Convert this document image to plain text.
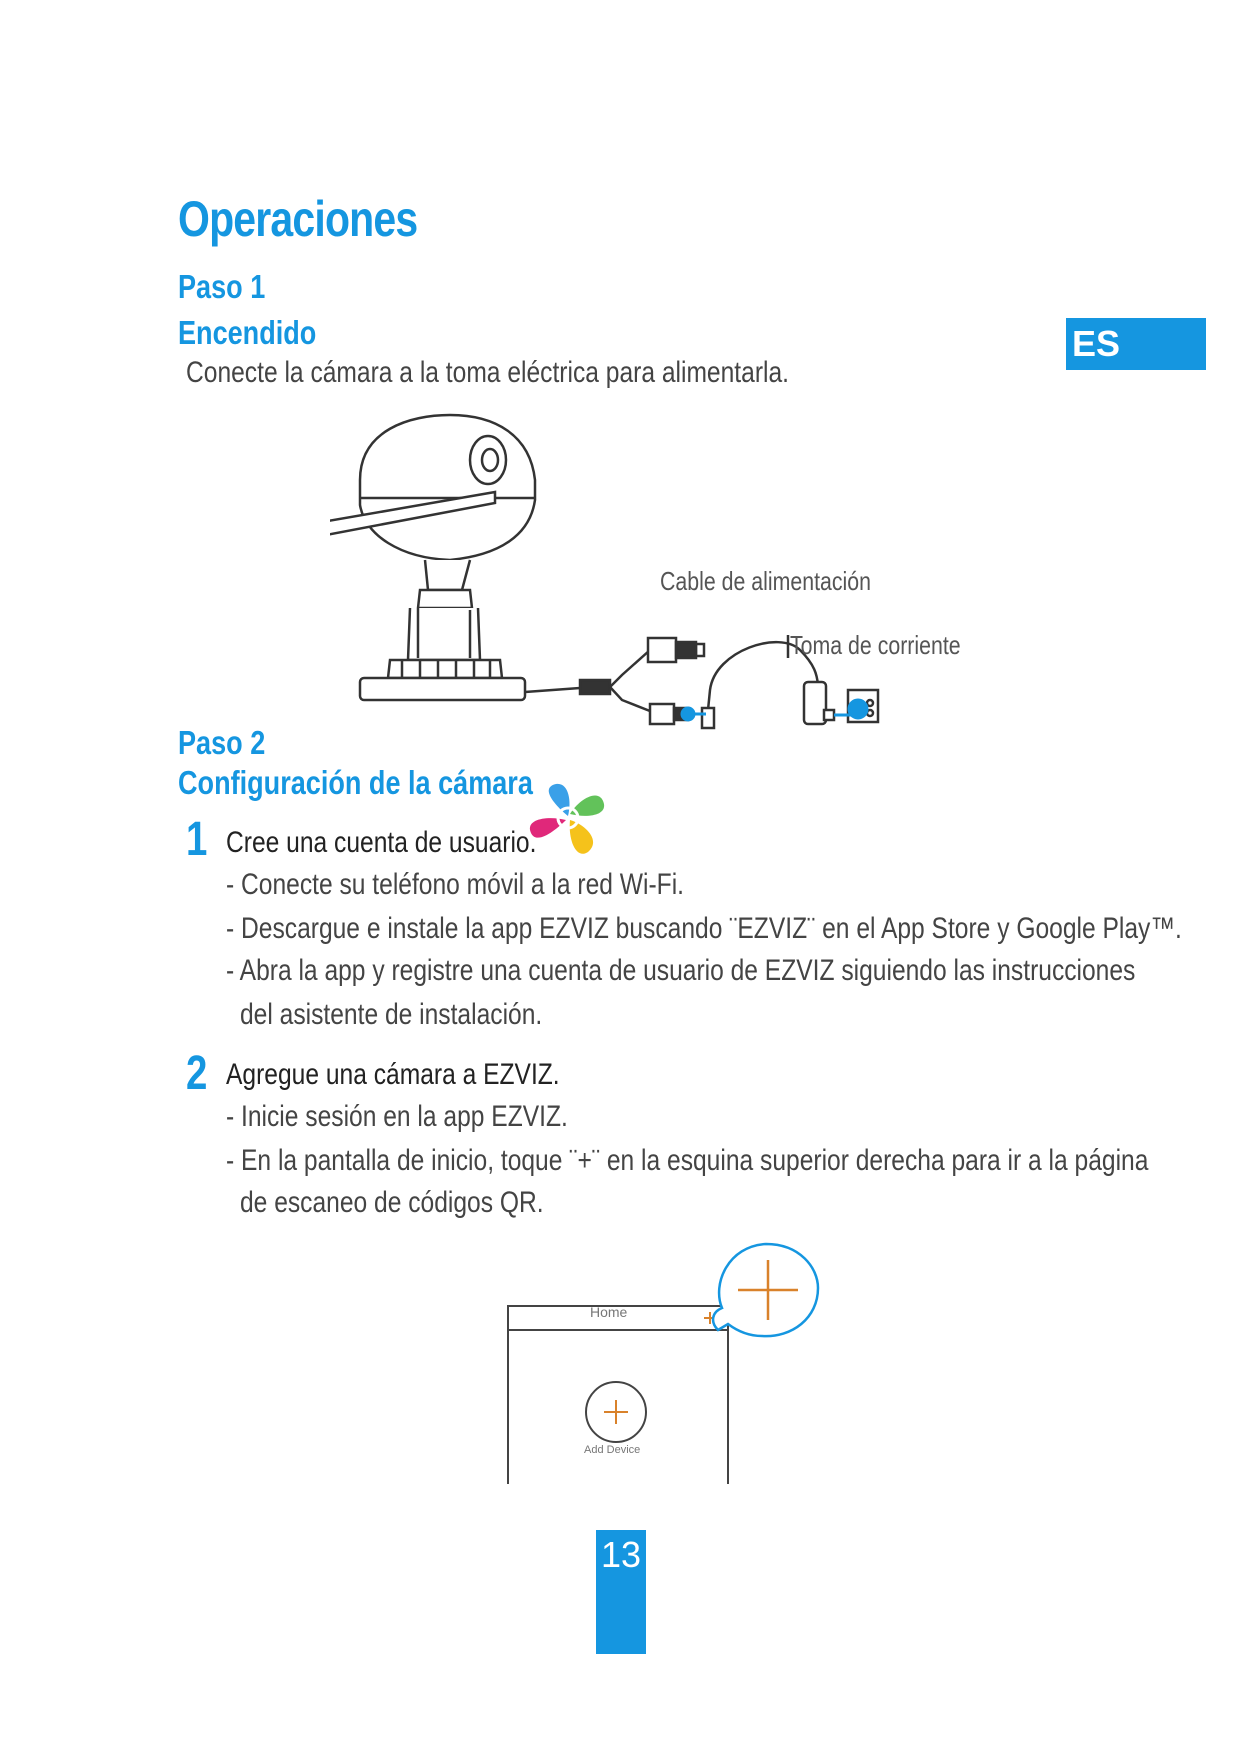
Operaciones
ES
Paso 1
Encendido
Conecte la cámara a la toma eléctrica para alimentarla.
Cable de alimentación
Toma de corriente
Paso 2
Configuración de la cámara
1 Cree una cuenta de usuario.
- Conecte su teléfono móvil a la red Wi-Fi.
- Descargue e instale la app EZVIZ buscando ¨EZVIZ¨ en el App Store y Google Play™.
- Abra la app y registre una cuenta de usuario de EZVIZ siguiendo las instrucciones
del asistente de instalación.
2 Agregue una cámara a EZVIZ.
- Inicie sesión en la app EZVIZ.
- En la pantalla de inicio, toque ¨+¨ en la esquina superior derecha para ir a la página
de escaneo de códigos QR.
Home
Add Device
13
